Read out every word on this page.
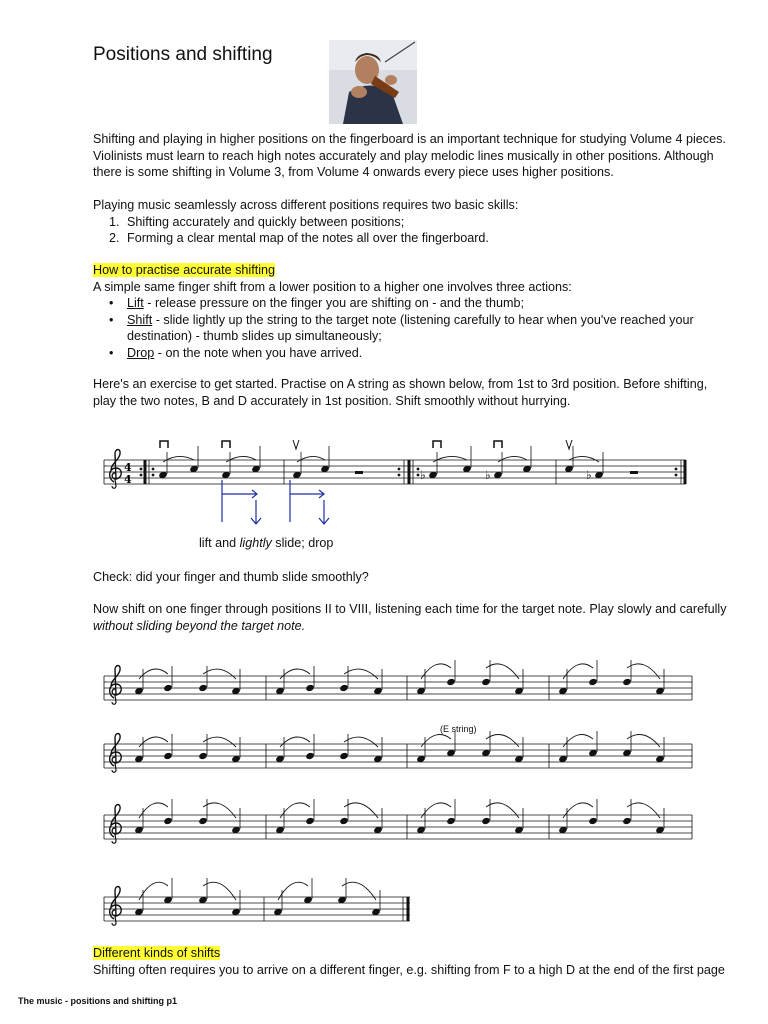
Positions and shifting

Shifting and playing in higher positions on the fingerboard is an important technique for studying Volume 4 pieces.

Violinists must learn to reach high notes accurately and play melodic lines musically in other positions. Although

there is some shifting in Volume 3, from Volume 4 onwards every piece uses higher positions.

Playing music seamlessly across different positions requires two basic skills:

1. Shifting accurately and quickly between positions;
2. Forming a clear mental map of the notes all over the fingerboard.

How to practise accurate shifting

A simple same finger shift from a lower position to a higher one involves three actions:

• Lift - release pressure on the finger you are shifting on - and the thumb;
• Shift - slide lightly up the string to the target note (listening carefully to hear when you've reached your
destination) - thumb slides up simultaneously;
• Drop - on the note when you have arrived.

Here's an exercise to get started. Practise on A string as shown below, from 1st to 3rd position. Before shifting,

play the two notes, B and D accurately in 1st position. Shift smoothly without hurrying.

4
4	♭	♭	♭
lift and lightly slide; drop
Check: did your finger and thumb slide smoothly?

Now shift on one finger through positions II to VIII, listening each time for the target note. Play slowly and carefully

without sliding beyond the target note.

(E string)

Different kinds of shifts

Shifting often requires you to arrive on a different finger, e.g. shifting from F to a high D at the end of the first page

The music - positions and shifting p1
